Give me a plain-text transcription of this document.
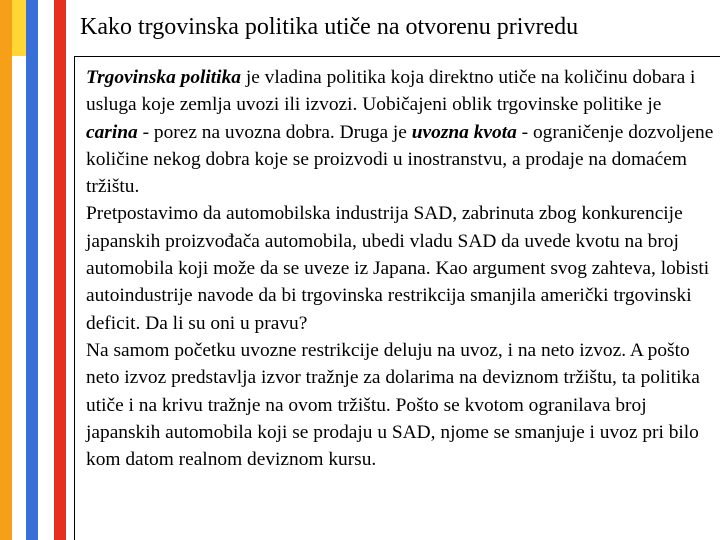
Kako trgovinska politika utiče na otvorenu privredu

Trgovinska politika je vladina politika koja direktno utiče na količinu dobara i usluga koje zemlja uvozi ili izvozi. Uobičajeni oblik trgovinske politike je carina - porez na uvozna dobra. Druga je uvozna kvota - ograničenje dozvoljene količine nekog dobra koje se proizvodi u inostranstvu, a prodaje na domaćem tržištu.

Pretpostavimo da automobilska industrija SAD, zabrinuta zbog konkurencije japanskih proizvođača automobila, ubedi vladu SAD da uvede kvotu na broj automobila koji može da se uveze iz Japana. Kao argument svog zahteva, lobisti autoindustrije navode da bi trgovinska restrikcija smanjila američki trgovinski deficit. Da li su oni u pravu?

Na samom početku uvozne restrikcije deluju na uvoz, i na neto izvoz. A pošto neto izvoz predstavlja izvor tražnje za dolarima na deviznom tržištu, ta politika utiče i na krivu tražnje na ovom tržištu. Pošto se kvotom ogranilava broj japanskih automobila koji se prodaju u SAD, njome se smanjuje i uvoz pri bilo kom datom realnom deviznom kursu.
